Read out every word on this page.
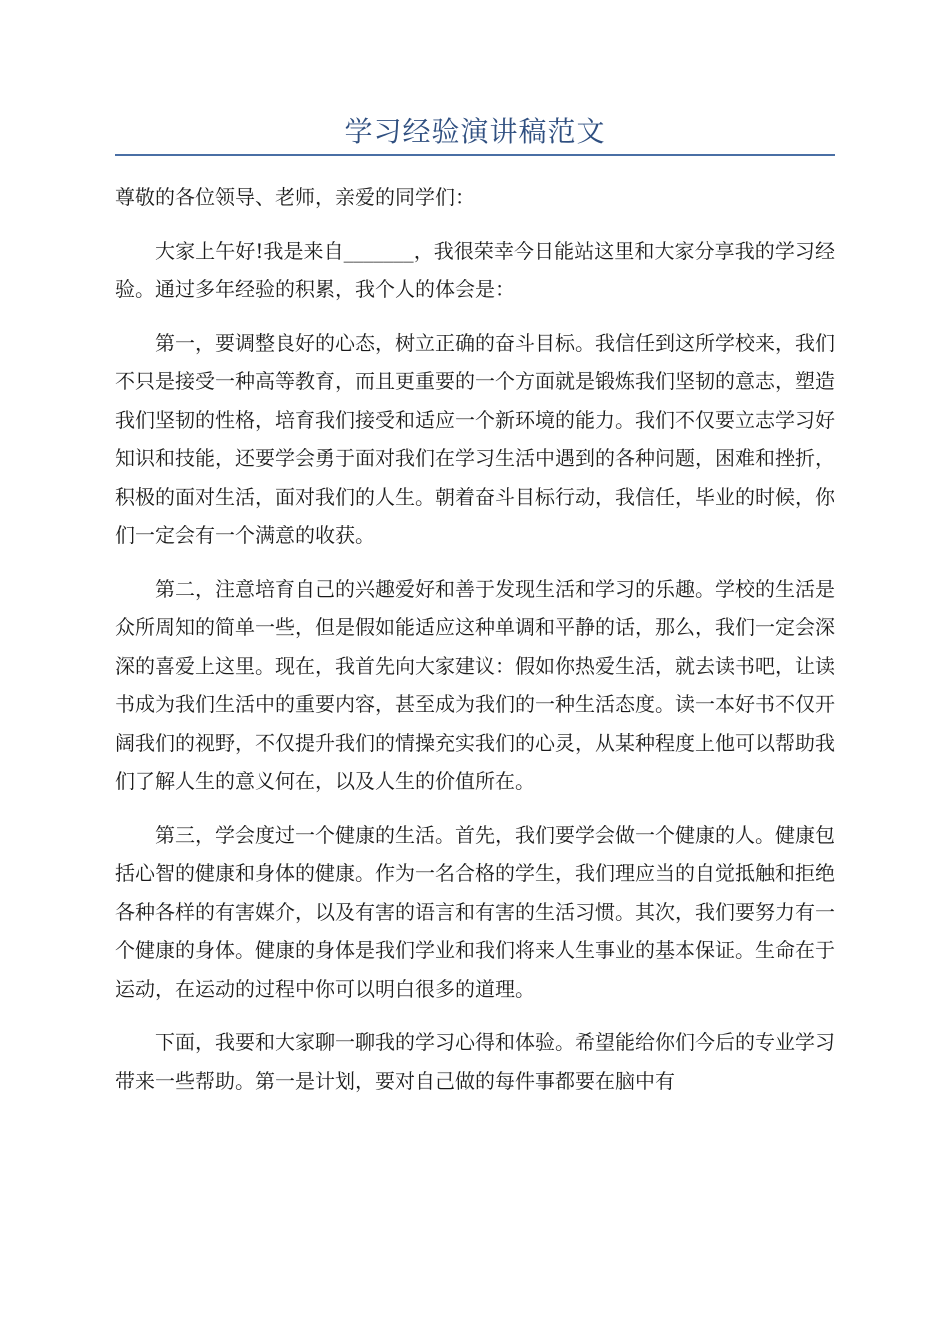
学习经验演讲稿范文

尊敬的各位领导、老师，亲爱的同学们：

大家上午好!我是来自_______，我很荣幸今日能站这里和大家分享我的学习经验。通过多年经验的积累，我个人的体会是：

第一，要调整良好的心态，树立正确的奋斗目标。我信任到这所学校来，我们不只是接受一种高等教育，而且更重要的一个方面就是锻炼我们坚韧的意志，塑造我们坚韧的性格，培育我们接受和适应一个新环境的能力。我们不仅要立志学习好知识和技能，还要学会勇于面对我们在学习生活中遇到的各种问题，困难和挫折，积极的面对生活，面对我们的人生。朝着奋斗目标行动，我信任，毕业的时候，你们一定会有一个满意的收获。

第二，注意培育自己的兴趣爱好和善于发现生活和学习的乐趣。学校的生活是众所周知的简单一些，但是假如能适应这种单调和平静的话，那么，我们一定会深深的喜爱上这里。现在，我首先向大家建议：假如你热爱生活，就去读书吧，让读书成为我们生活中的重要内容，甚至成为我们的一种生活态度。读一本好书不仅开阔我们的视野，不仅提升我们的情操充实我们的心灵，从某种程度上他可以帮助我们了解人生的意义何在，以及人生的价值所在。

第三，学会度过一个健康的生活。首先，我们要学会做一个健康的人。健康包括心智的健康和身体的健康。作为一名合格的学生，我们理应当的自觉抵触和拒绝各种各样的有害媒介，以及有害的语言和有害的生活习惯。其次，我们要努力有一个健康的身体。健康的身体是我们学业和我们将来人生事业的基本保证。生命在于运动，在运动的过程中你可以明白很多的道理。

下面，我要和大家聊一聊我的学习心得和体验。希望能给你们今后的专业学习带来一些帮助。第一是计划，要对自己做的每件事都要在脑中有
